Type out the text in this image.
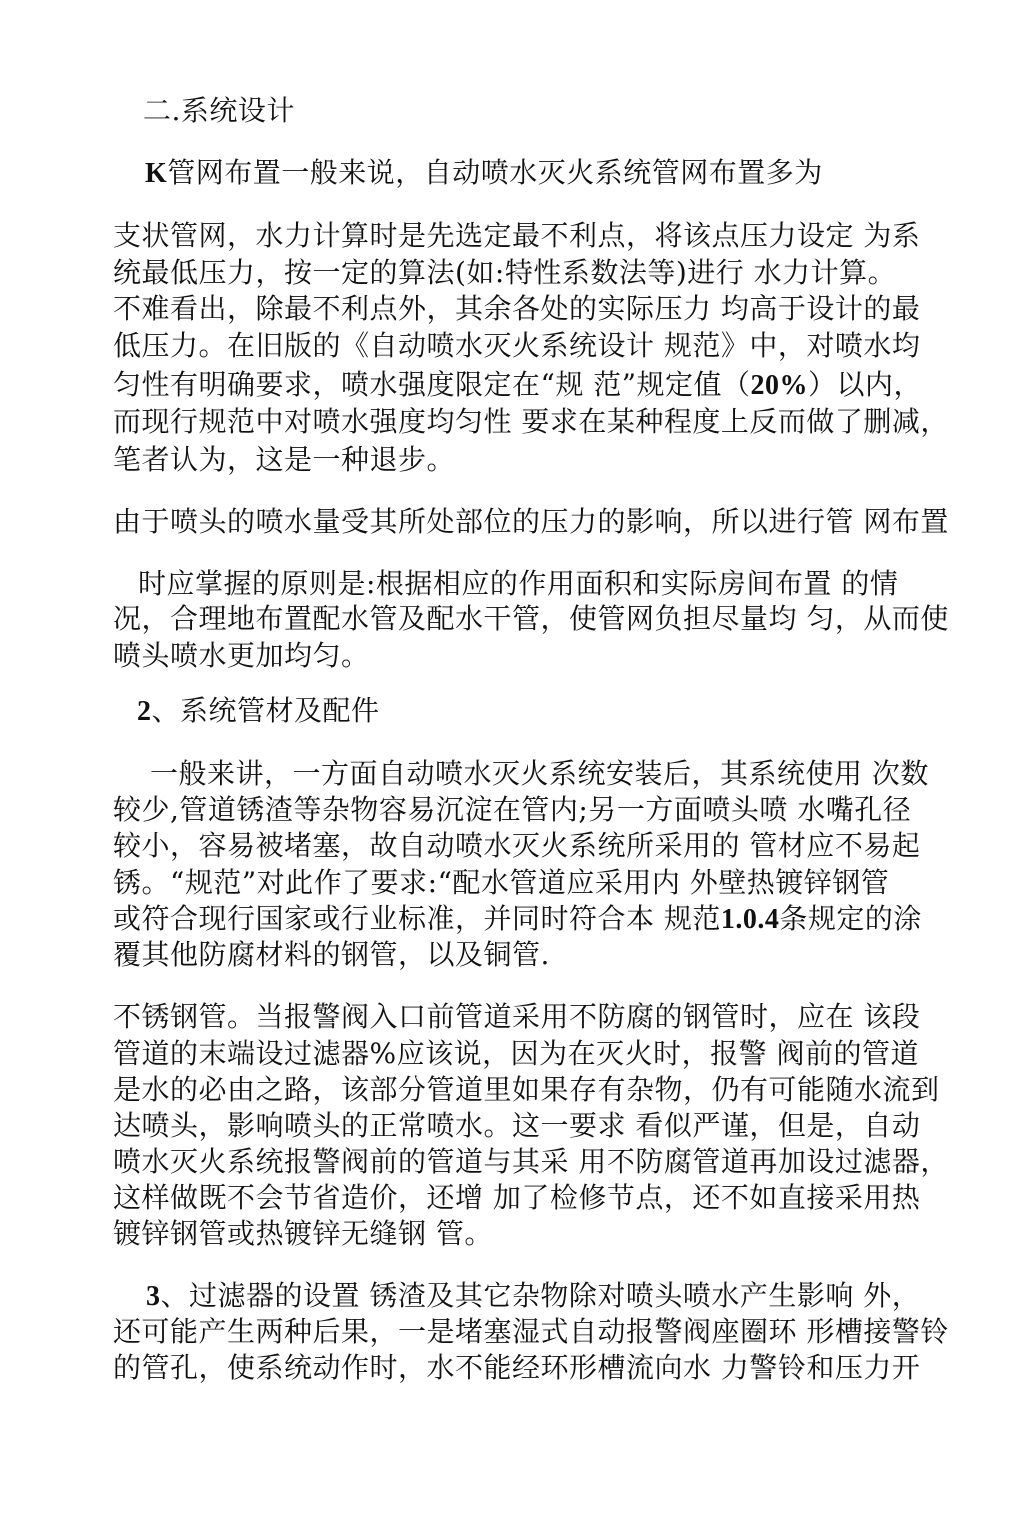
二.系统设计
K管网布置一般来说，自动喷水灭火系统管网布置多为
支状管网，水力计算时是先选定最不利点，将该点压力设定 为系
统最低压力，按一定的算法(如:特性系数法等)进行 水力计算。
不难看出，除最不利点外，其余各处的实际压力 均高于设计的最
低压力。在旧版的《自动喷水灭火系统设计 规范》中，对喷水均
匀性有明确要求，喷水强度限定在“规 范”规定值（20%）以内，
而现行规范中对喷水强度均匀性 要求在某种程度上反而做了删减，
笔者认为，这是一种退步。
由于喷头的喷水量受其所处部位的压力的影响，所以进行管 网布置
时应掌握的原则是:根据相应的作用面积和实际房间布置 的情
况，合理地布置配水管及配水干管，使管网负担尽量均 匀，从而使
喷头喷水更加均匀。
2、系统管材及配件
一般来讲，一方面自动喷水灭火系统安装后，其系统使用 次数
较少,管道锈渣等杂物容易沉淀在管内;另一方面喷头喷 水嘴孔径
较小，容易被堵塞，故自动喷水灭火系统所采用的 管材应不易起
锈。“规范”对此作了要求:“配水管道应采用内 外壁热镀锌钢管
或符合现行国家或行业标准，并同时符合本 规范1.0.4条规定的涂
覆其他防腐材料的钢管，以及铜管.
不锈钢管。当报警阀入口前管道采用不防腐的钢管时，应在 该段
管道的末端设过滤器%应该说，因为在灭火时，报警 阀前的管道
是水的必由之路，该部分管道里如果存有杂物，仍有可能随水流到
达喷头，影响喷头的正常喷水。这一要求 看似严谨，但是，自动
喷水灭火系统报警阀前的管道与其采 用不防腐管道再加设过滤器，
这样做既不会节省造价，还增 加了检修节点，还不如直接采用热
镀锌钢管或热镀锌无缝钢 管。
3、过滤器的设置 锈渣及其它杂物除对喷头喷水产生影响 外，
还可能产生两种后果，一是堵塞湿式自动报警阀座圈环 形槽接警铃
的管孔，使系统动作时，水不能经环形槽流向水 力警铃和压力开
